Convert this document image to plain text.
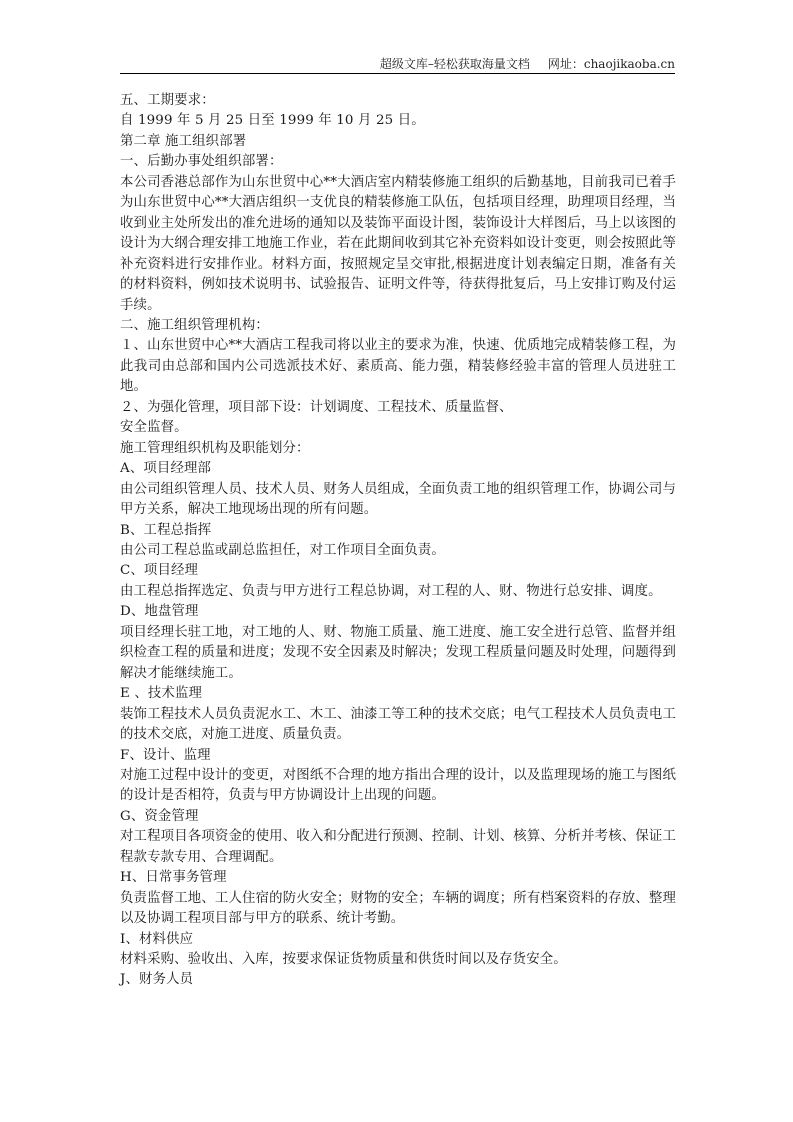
超级文库–轻松获取海量文档 网址：chaojikaoba.cn

五、工期要求：

自 1999 年 5 月 25 日至 1999 年 10 月 25 日。

第二章 施工组织部署

一、后勤办事处组织部署：

本公司香港总部作为山东世贸中心**大酒店室内精装修施工组织的后勤基地，目前我司已着手为山东世贸中心**大酒店组织一支优良的精装修施工队伍，包括项目经理，助理项目经理，当收到业主处所发出的准允进场的通知以及装饰平面设计图，装饰设计大样图后，马上以该图的设计为大纲合理安排工地施工作业，若在此期间收到其它补充资料如设计变更，则会按照此等补充资料进行安排作业。材料方面，按照规定呈交审批,根据进度计划表编定日期，准备有关的材料资料，例如技术说明书、试验报告、证明文件等，待获得批复后，马上安排订购及付运手续。

二、施工组织管理机构：

１、山东世贸中心**大酒店工程我司将以业主的要求为准，快速、优质地完成精装修工程，为此我司由总部和国内公司选派技术好、素质高、能力强，精装修经验丰富的管理人员进驻工地。

２、为强化管理，项目部下设：计划调度、工程技术、质量监督、

安全监督。

施工管理组织机构及职能划分：

A、项目经理部

由公司组织管理人员、技术人员、财务人员组成，全面负责工地的组织管理工作，协调公司与甲方关系，解决工地现场出现的所有问题。

B、工程总指挥

由公司工程总监或副总监担任，对工作项目全面负责。

C、项目经理

由工程总指挥选定、负责与甲方进行工程总协调，对工程的人、财、物进行总安排、调度。

D、地盘管理

项目经理长驻工地，对工地的人、财、物施工质量、施工进度、施工安全进行总管、监督并组织检查工程的质量和进度；发现不安全因素及时解决；发现工程质量问题及时处理，问题得到解决才能继续施工。

E 、技术监理

装饰工程技术人员负责泥水工、木工、油漆工等工种的技术交底；电气工程技术人员负责电工的技术交底，对施工进度、质量负责。

F、设计、监理

对施工过程中设计的变更，对图纸不合理的地方指出合理的设计，以及监理现场的施工与图纸的设计是否相符，负责与甲方协调设计上出现的问题。

G、资金管理

对工程项目各项资金的使用、收入和分配进行预测、控制、计划、核算、分析并考核、保证工程款专款专用、合理调配。

H、日常事务管理

负责监督工地、工人住宿的防火安全；财物的安全；车辆的调度；所有档案资料的存放、整理以及协调工程项目部与甲方的联系、统计考勤。

I、材料供应

材料采购、验收出、入库，按要求保证货物质量和供货时间以及存货安全。

J、财务人员
